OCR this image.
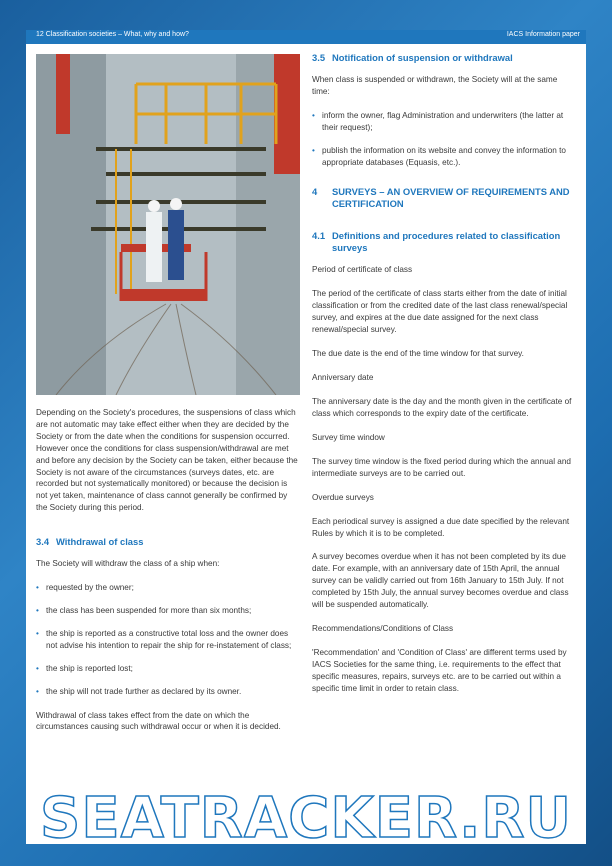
12 Classification societies – What, why and how?	IACS Information paper

Depending on the Society's procedures, the suspensions of class which are not automatic may take effect either when they are decided by the Society or from the date when the conditions for suspension occurred. However once the conditions for class suspension/withdrawal are met and before any decision by the Society can be taken, either because the Society is not aware of the circumstances (surveys dates, etc. are recorded but not systematically monitored) or because the decision is not yet taken, maintenance of class cannot generally be confirmed by the Society during this period.

3.4 Withdrawal of class

The Society will withdraw the class of a ship when:

• requested by the owner;
• the class has been suspended for more than six months;
• the ship is reported as a constructive total loss and the owner does not advise his intention to repair the ship for re-instatement of class;
• the ship is reported lost;
• the ship will not trade further as declared by its owner.

Withdrawal of class takes effect from the date on which the circumstances causing such withdrawal occur or when it is decided.

3.5 Notification of suspension or withdrawal

When class is suspended or withdrawn, the Society will at the same time:

• inform the owner, flag Administration and underwriters (the latter at their request);
• publish the information on its website and convey the information to appropriate databases (Equasis, etc.).
4 SURVEYS – AN OVERVIEW OF REQUIREMENTS AND CERTIFICATION
4.1 Definitions and procedures related to classification surveys
Period of certificate of class

The period of the certificate of class starts either from the date of initial classification or from the credited date of the last class renewal/special survey, and expires at the due date assigned for the next class renewal/special survey.

The due date is the end of the time window for that survey.

Anniversary date

The anniversary date is the day and the month given in the certificate of class which corresponds to the expiry date of the certificate.

Survey time window

The survey time window is the fixed period during which the annual and intermediate surveys are to be carried out.

Overdue surveys

Each periodical survey is assigned a due date specified by the relevant Rules by which it is to be completed.

A survey becomes overdue when it has not been completed by its due date. For example, with an anniversary date of 15th April, the annual survey can be validly carried out from 16th January to 15th July. If not completed by 15th July, the annual survey becomes overdue and class will be suspended automatically.

Recommendations/Conditions of Class

'Recommendation' and 'Condition of Class' are different terms used by IACS Societies for the same thing, i.e. requirements to the effect that specific measures, repairs, surveys etc. are to be carried out within a specific time limit in order to retain class.

SEATRACKER.RU
